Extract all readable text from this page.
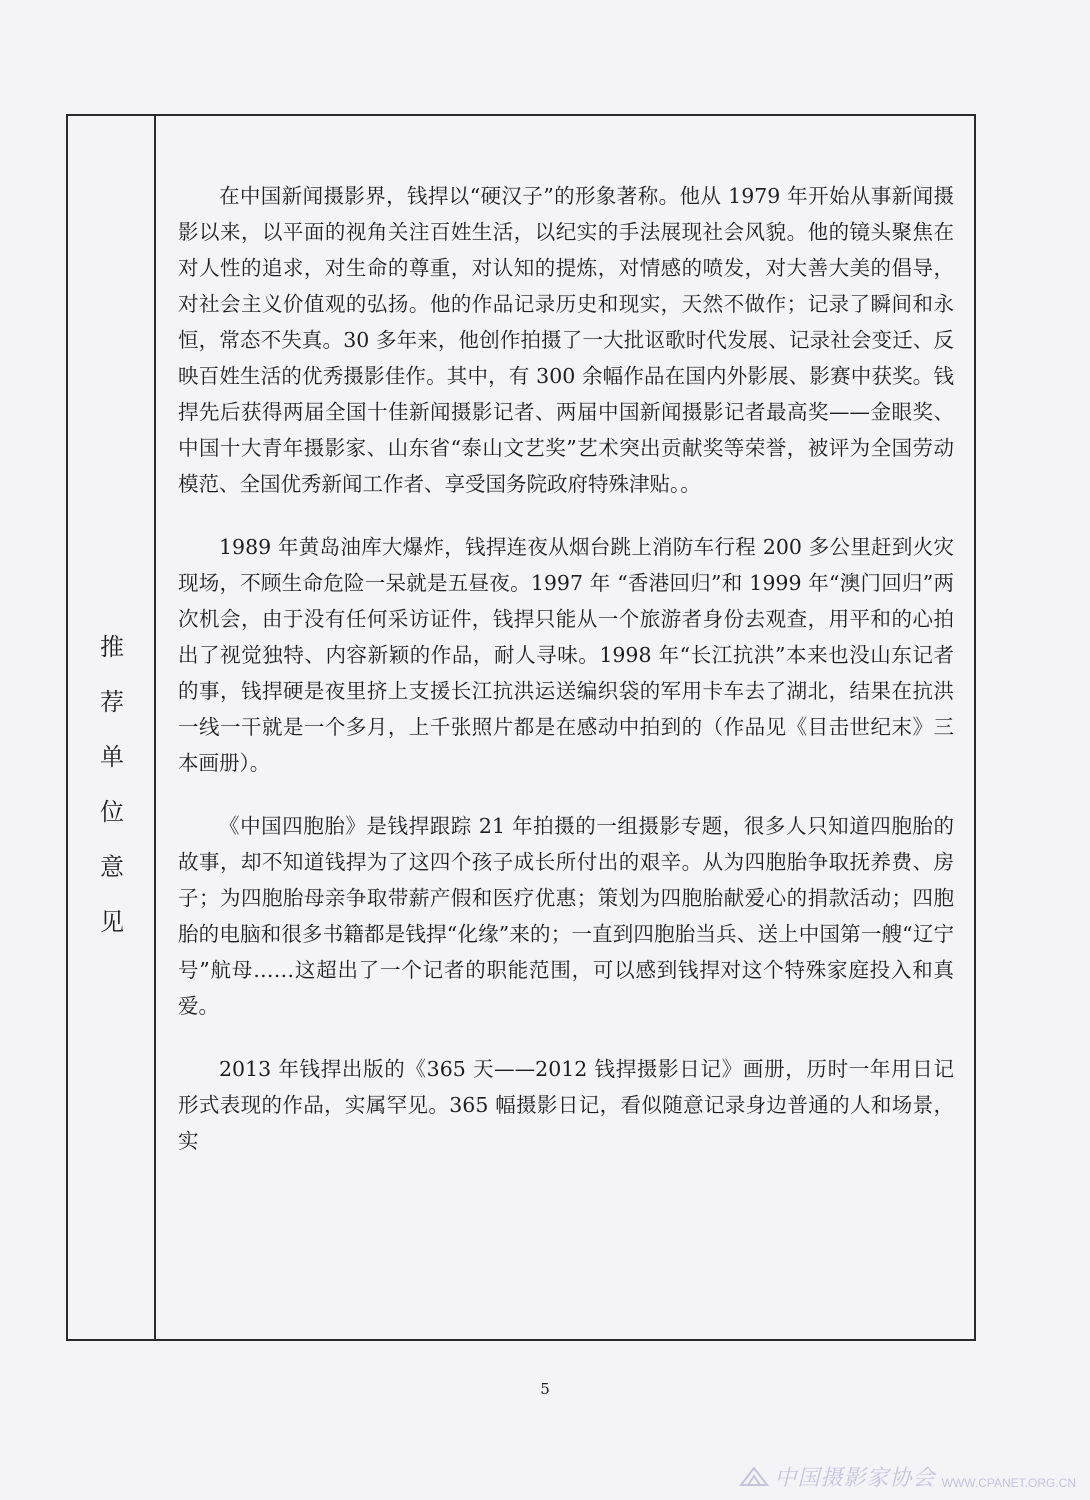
推
荐
单
位
意
见

在中国新闻摄影界，钱捍以“硬汉子”的形象著称。他从 1979 年开始从事新闻摄影以来，以平面的视角关注百姓生活，以纪实的手法展现社会风貌。他的镜头聚焦在对人性的追求，对生命的尊重，对认知的提炼，对情感的喷发，对大善大美的倡导，对社会主义价值观的弘扬。他的作品记录历史和现实，天然不做作；记录了瞬间和永恒，常态不失真。30 多年来，他创作拍摄了一大批讴歌时代发展、记录社会变迁、反映百姓生活的优秀摄影佳作。其中，有 300 余幅作品在国内外影展、影赛中获奖。钱捍先后获得两届全国十佳新闻摄影记者、两届中国新闻摄影记者最高奖——金眼奖、中国十大青年摄影家、山东省“泰山文艺奖”艺术突出贡献奖等荣誉，被评为全国劳动模范、全国优秀新闻工作者、享受国务院政府特殊津贴。。

1989 年黄岛油库大爆炸，钱捍连夜从烟台跳上消防车行程 200 多公里赶到火灾现场，不顾生命危险一呆就是五昼夜。1997 年 “香港回归”和 1999 年“澳门回归”两次机会，由于没有任何采访证件，钱捍只能从一个旅游者身份去观查，用平和的心拍出了视觉独特、内容新颖的作品，耐人寻味。1998 年“长江抗洪”本来也没山东记者的事，钱捍硬是夜里挤上支援长江抗洪运送编织袋的军用卡车去了湖北，结果在抗洪一线一干就是一个多月，上千张照片都是在感动中拍到的（作品见《目击世纪末》三本画册）。

《中国四胞胎》是钱捍跟踪 21 年拍摄的一组摄影专题，很多人只知道四胞胎的故事，却不知道钱捍为了这四个孩子成长所付出的艰辛。从为四胞胎争取抚养费、房子；为四胞胎母亲争取带薪产假和医疗优惠；策划为四胞胎献爱心的捐款活动；四胞胎的电脑和很多书籍都是钱捍“化缘”来的；一直到四胞胎当兵、送上中国第一艘“辽宁号”航母……这超出了一个记者的职能范围，可以感到钱捍对这个特殊家庭投入和真爱。

2013 年钱捍出版的《365 天——2012 钱捍摄影日记》画册，历时一年用日记形式表现的作品，实属罕见。365 幅摄影日记，看似随意记录身边普通的人和场景，实

5
中国摄影家协会 WWW.CPANET.ORG.CN
